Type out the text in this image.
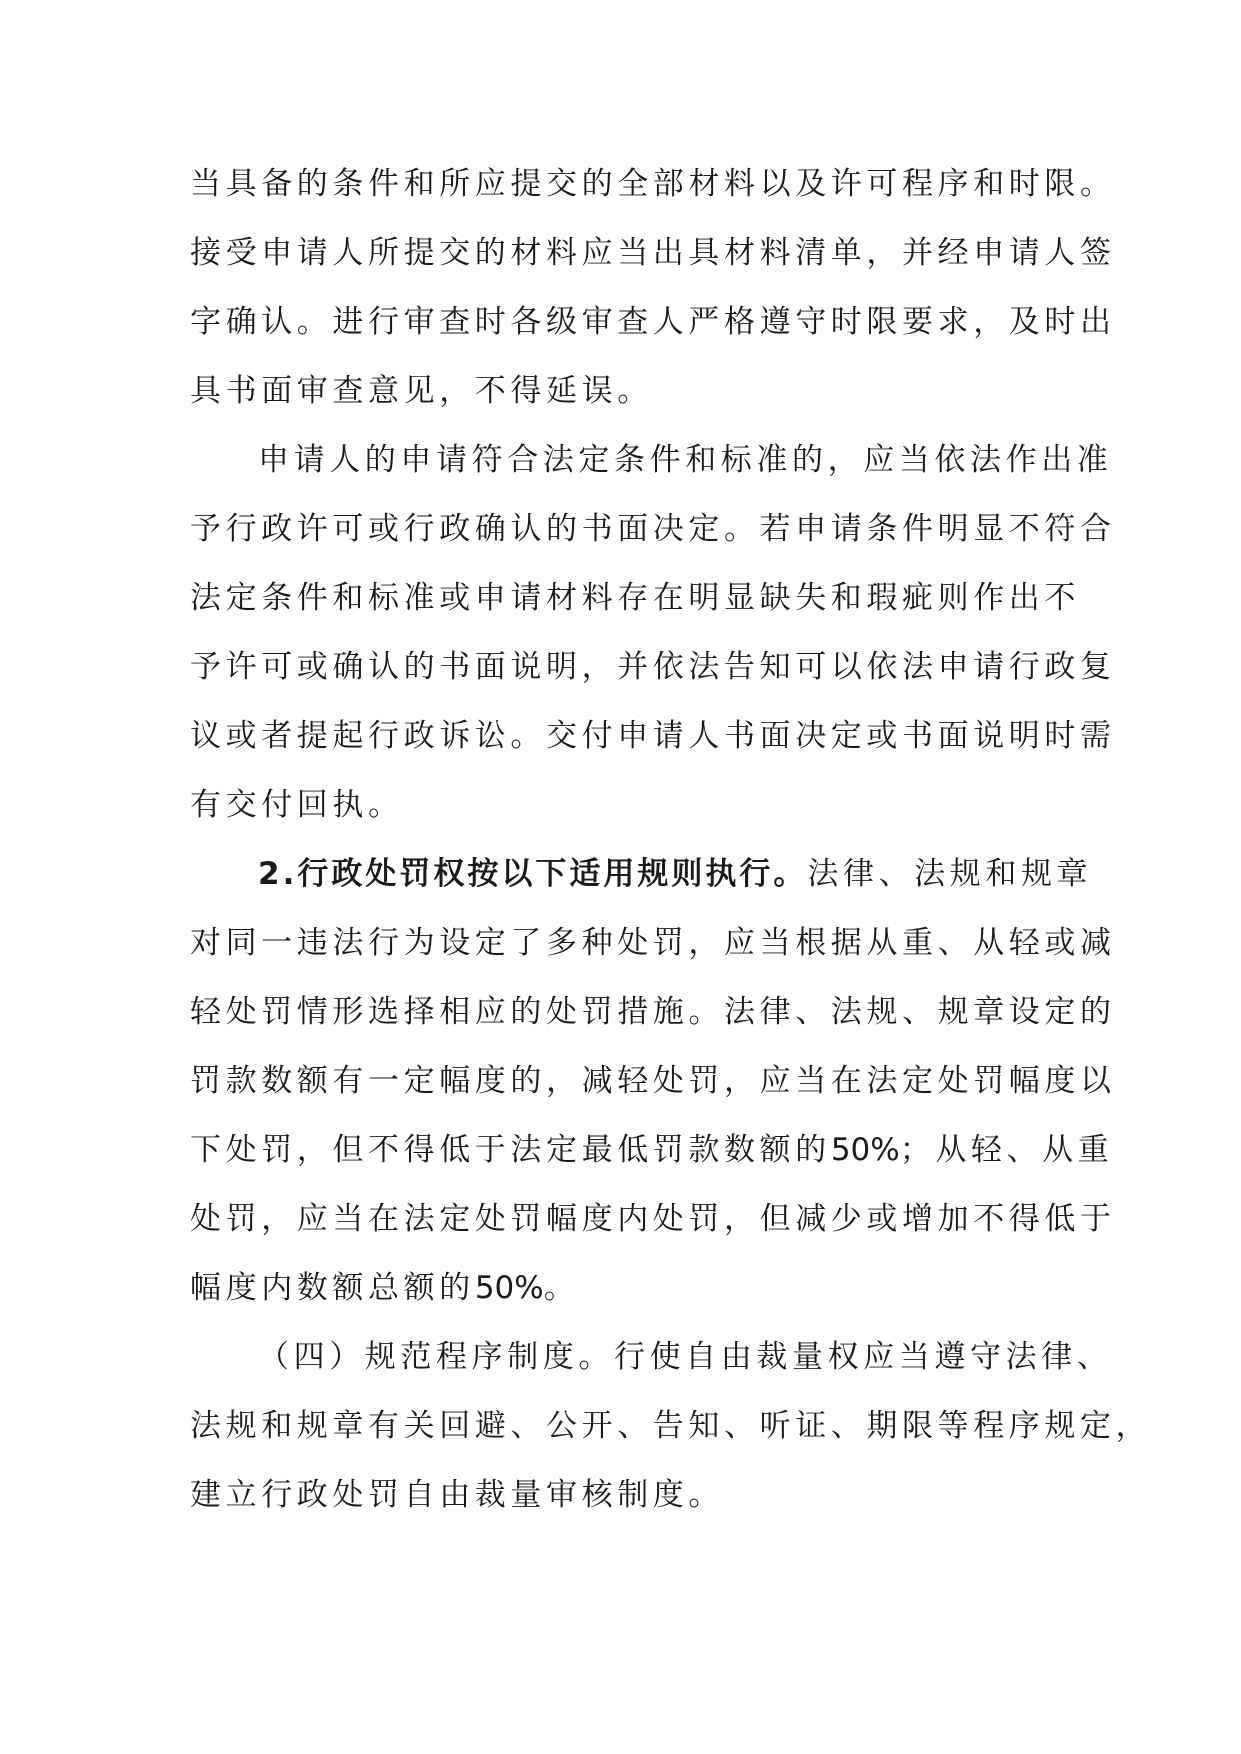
当具备的条件和所应提交的全部材料以及许可程序和时限。
接受申请人所提交的材料应当出具材料清单，并经申请人签
字确认。进行审查时各级审查人严格遵守时限要求，及时出
具书面审查意见，不得延误。
申请人的申请符合法定条件和标准的，应当依法作出准
予行政许可或行政确认的书面决定。若申请条件明显不符合
法定条件和标准或申请材料存在明显缺失和瑕疵则作出不
予许可或确认的书面说明，并依法告知可以依法申请行政复
议或者提起行政诉讼。交付申请人书面决定或书面说明时需
有交付回执。
2.行政处罚权按以下适用规则执行。法律、法规和规章
对同一违法行为设定了多种处罚，应当根据从重、从轻或减
轻处罚情形选择相应的处罚措施。法律、法规、规章设定的
罚款数额有一定幅度的，减轻处罚，应当在法定处罚幅度以
下处罚，但不得低于法定最低罚款数额的50%；从轻、从重
处罚，应当在法定处罚幅度内处罚，但减少或增加不得低于
幅度内数额总额的50%。
（四）规范程序制度。行使自由裁量权应当遵守法律、
法规和规章有关回避、公开、告知、听证、期限等程序规定，
建立行政处罚自由裁量审核制度。
